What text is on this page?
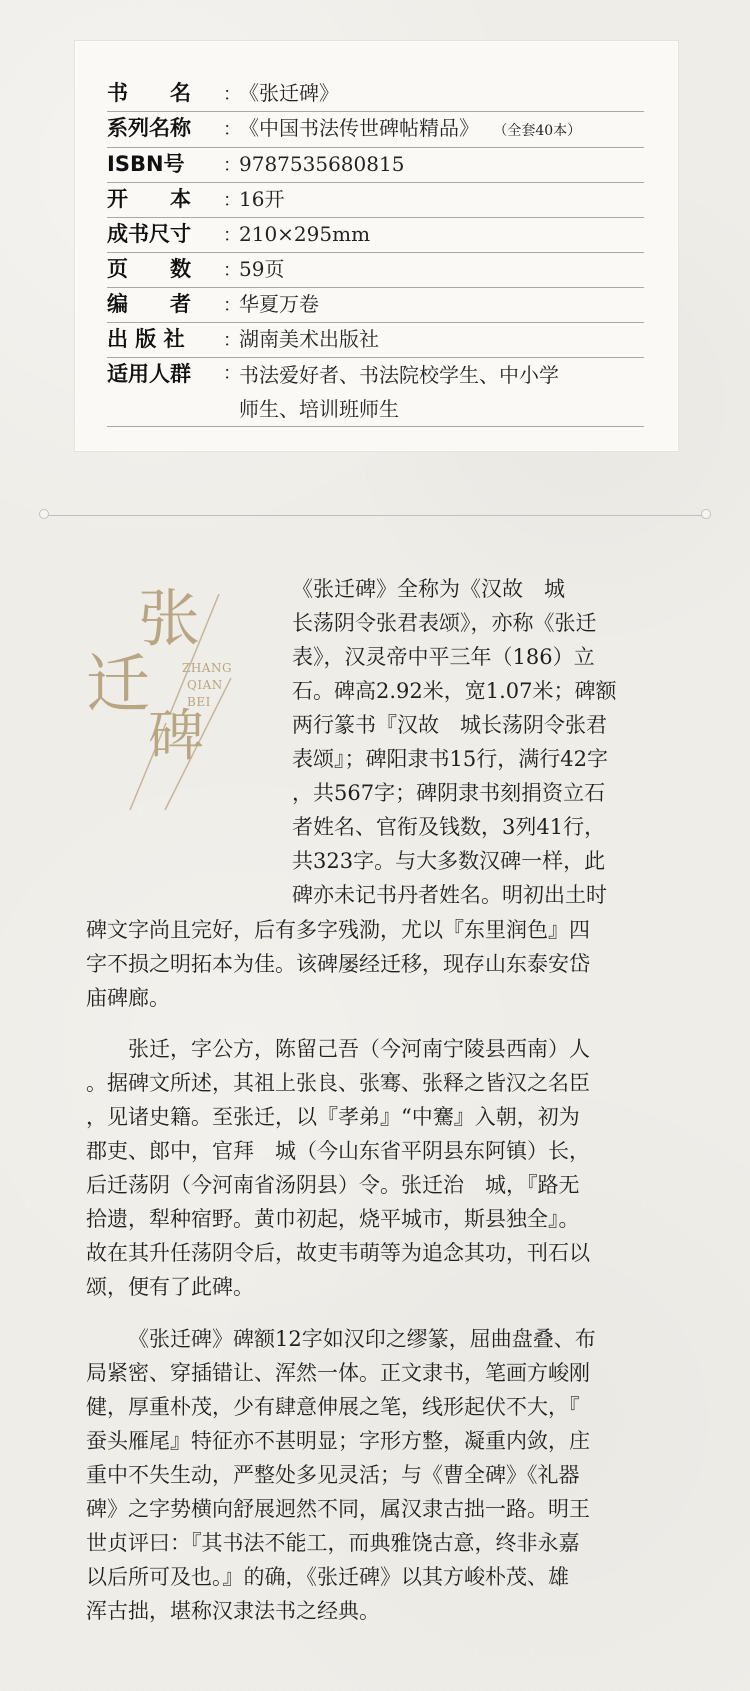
书　　名	：
《张迁碑》
系列名称	：
《中国书法传世碑帖精品》 （全套40本）
ISBN号	：
9787535680815
开　　本	：
16开
成书尺寸	：
210×295mm
页　　数	：
59页
编　　者	：
华夏万卷
出 版 社	：
湖南美术出版社
适用人群	：
书法爱好者、书法院校学生、中小学
师生、培训班师生
张
迁
碑
ZHANG
QIAN
BEI
《张迁碑》全称为《汉故　城
长荡阴令张君表颂》，亦称《张迁
表》，汉灵帝中平三年（186）立
石。碑高2.92米，宽1.07米；碑额
两行篆书『汉故　城长荡阴令张君
表颂』；碑阳隶书15行，满行42字
，共567字；碑阴隶书刻捐资立石
者姓名、官衔及钱数，3列41行，
共323字。与大多数汉碑一样，此
碑亦未记书丹者姓名。明初出土时
碑文字尚且完好，后有多字残泐，尤以『东里润色』四
字不损之明拓本为佳。该碑屡经迁移，现存山东泰安岱
庙碑廊。
张迁，字公方，陈留己吾（今河南宁陵县西南）人
。据碑文所述，其祖上张良、张骞、张释之皆汉之名臣
，见诸史籍。至张迁，以『孝弟』“中騫』入朝，初为
郡吏、郎中，官拜　城（今山东省平阴县东阿镇）长，
后迁荡阴（今河南省汤阴县）令。张迁治　城，『路无
拾遗，犁种宿野。黄巾初起，烧平城市，斯县独全』。
故在其升任荡阴令后，故吏韦萌等为追念其功，刊石以
颂，便有了此碑。
《张迁碑》碑额12字如汉印之缪篆，屈曲盘叠、布
局紧密、穿插错让、浑然一体。正文隶书，笔画方峻刚
健，厚重朴茂，少有肆意伸展之笔，线形起伏不大，『
蚕头雁尾』特征亦不甚明显；字形方整，凝重内敛，庄
重中不失生动，严整处多见灵活；与《曹全碑》《礼器
碑》之字势横向舒展迥然不同，属汉隶古拙一路。明王
世贞评曰：『其书法不能工，而典雅饶古意，终非永嘉
以后所可及也。』的确，《张迁碑》以其方峻朴茂、雄
浑古拙，堪称汉隶法书之经典。
